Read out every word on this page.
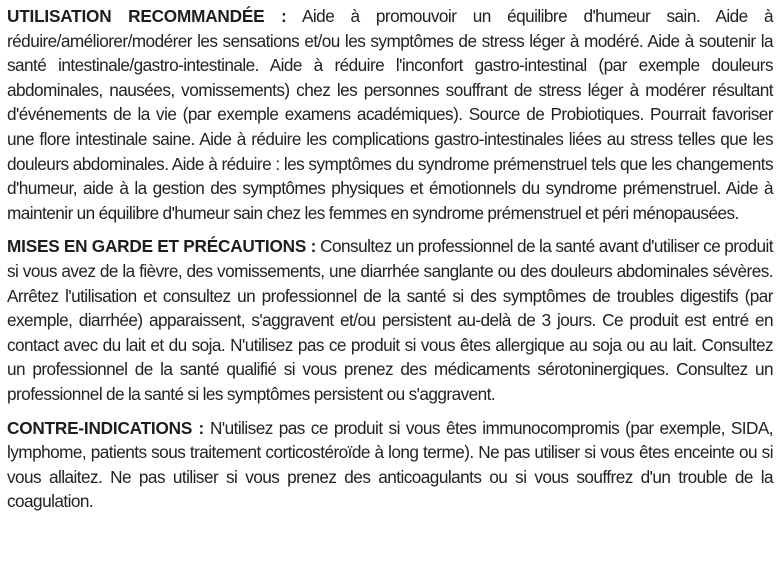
UTILISATION RECOMMANDÉE : Aide à promouvoir un équilibre d'humeur sain. Aide à réduire/améliorer/modérer les sensations et/ou les symptômes de stress léger à modéré. Aide à soutenir la santé intestinale/gastro-intestinale. Aide à réduire l'inconfort gastro-intestinal (par exemple douleurs abdominales, nausées, vomissements) chez les personnes souffrant de stress léger à modérer résultant d'événements de la vie (par exemple examens académiques). Source de Probiotiques. Pourrait favoriser une flore intestinale saine. Aide à réduire les complications gastro-intestinales liées au stress telles que les douleurs abdominales. Aide à réduire : les symptômes du syndrome prémenstruel tels que les changements d'humeur, aide à la gestion des symptômes physiques et émotionnels du syndrome prémenstruel. Aide à maintenir un équilibre d'humeur sain chez les femmes en syndrome prémenstruel et péri ménopausées.

MISES EN GARDE ET PRÉCAUTIONS : Consultez un professionnel de la santé avant d'utiliser ce produit si vous avez de la fièvre, des vomissements, une diarrhée sanglante ou des douleurs abdominales sévères. Arrêtez l'utilisation et consultez un professionnel de la santé si des symptômes de troubles digestifs (par exemple, diarrhée) apparaissent, s'aggravent et/ou persistent au-delà de 3 jours. Ce produit est entré en contact avec du lait et du soja. N'utilisez pas ce produit si vous êtes allergique au soja ou au lait. Consultez un professionnel de la santé qualifié si vous prenez des médicaments sérotoninergiques. Consultez un professionnel de la santé si les symptômes persistent ou s'aggravent.

CONTRE-INDICATIONS : N'utilisez pas ce produit si vous êtes immunocompromis (par exemple, SIDA, lymphome, patients sous traitement corticostéroïde à long terme). Ne pas utiliser si vous êtes enceinte ou si vous allaitez. Ne pas utiliser si vous prenez des anticoagulants ou si vous souffrez d'un trouble de la coagulation.
